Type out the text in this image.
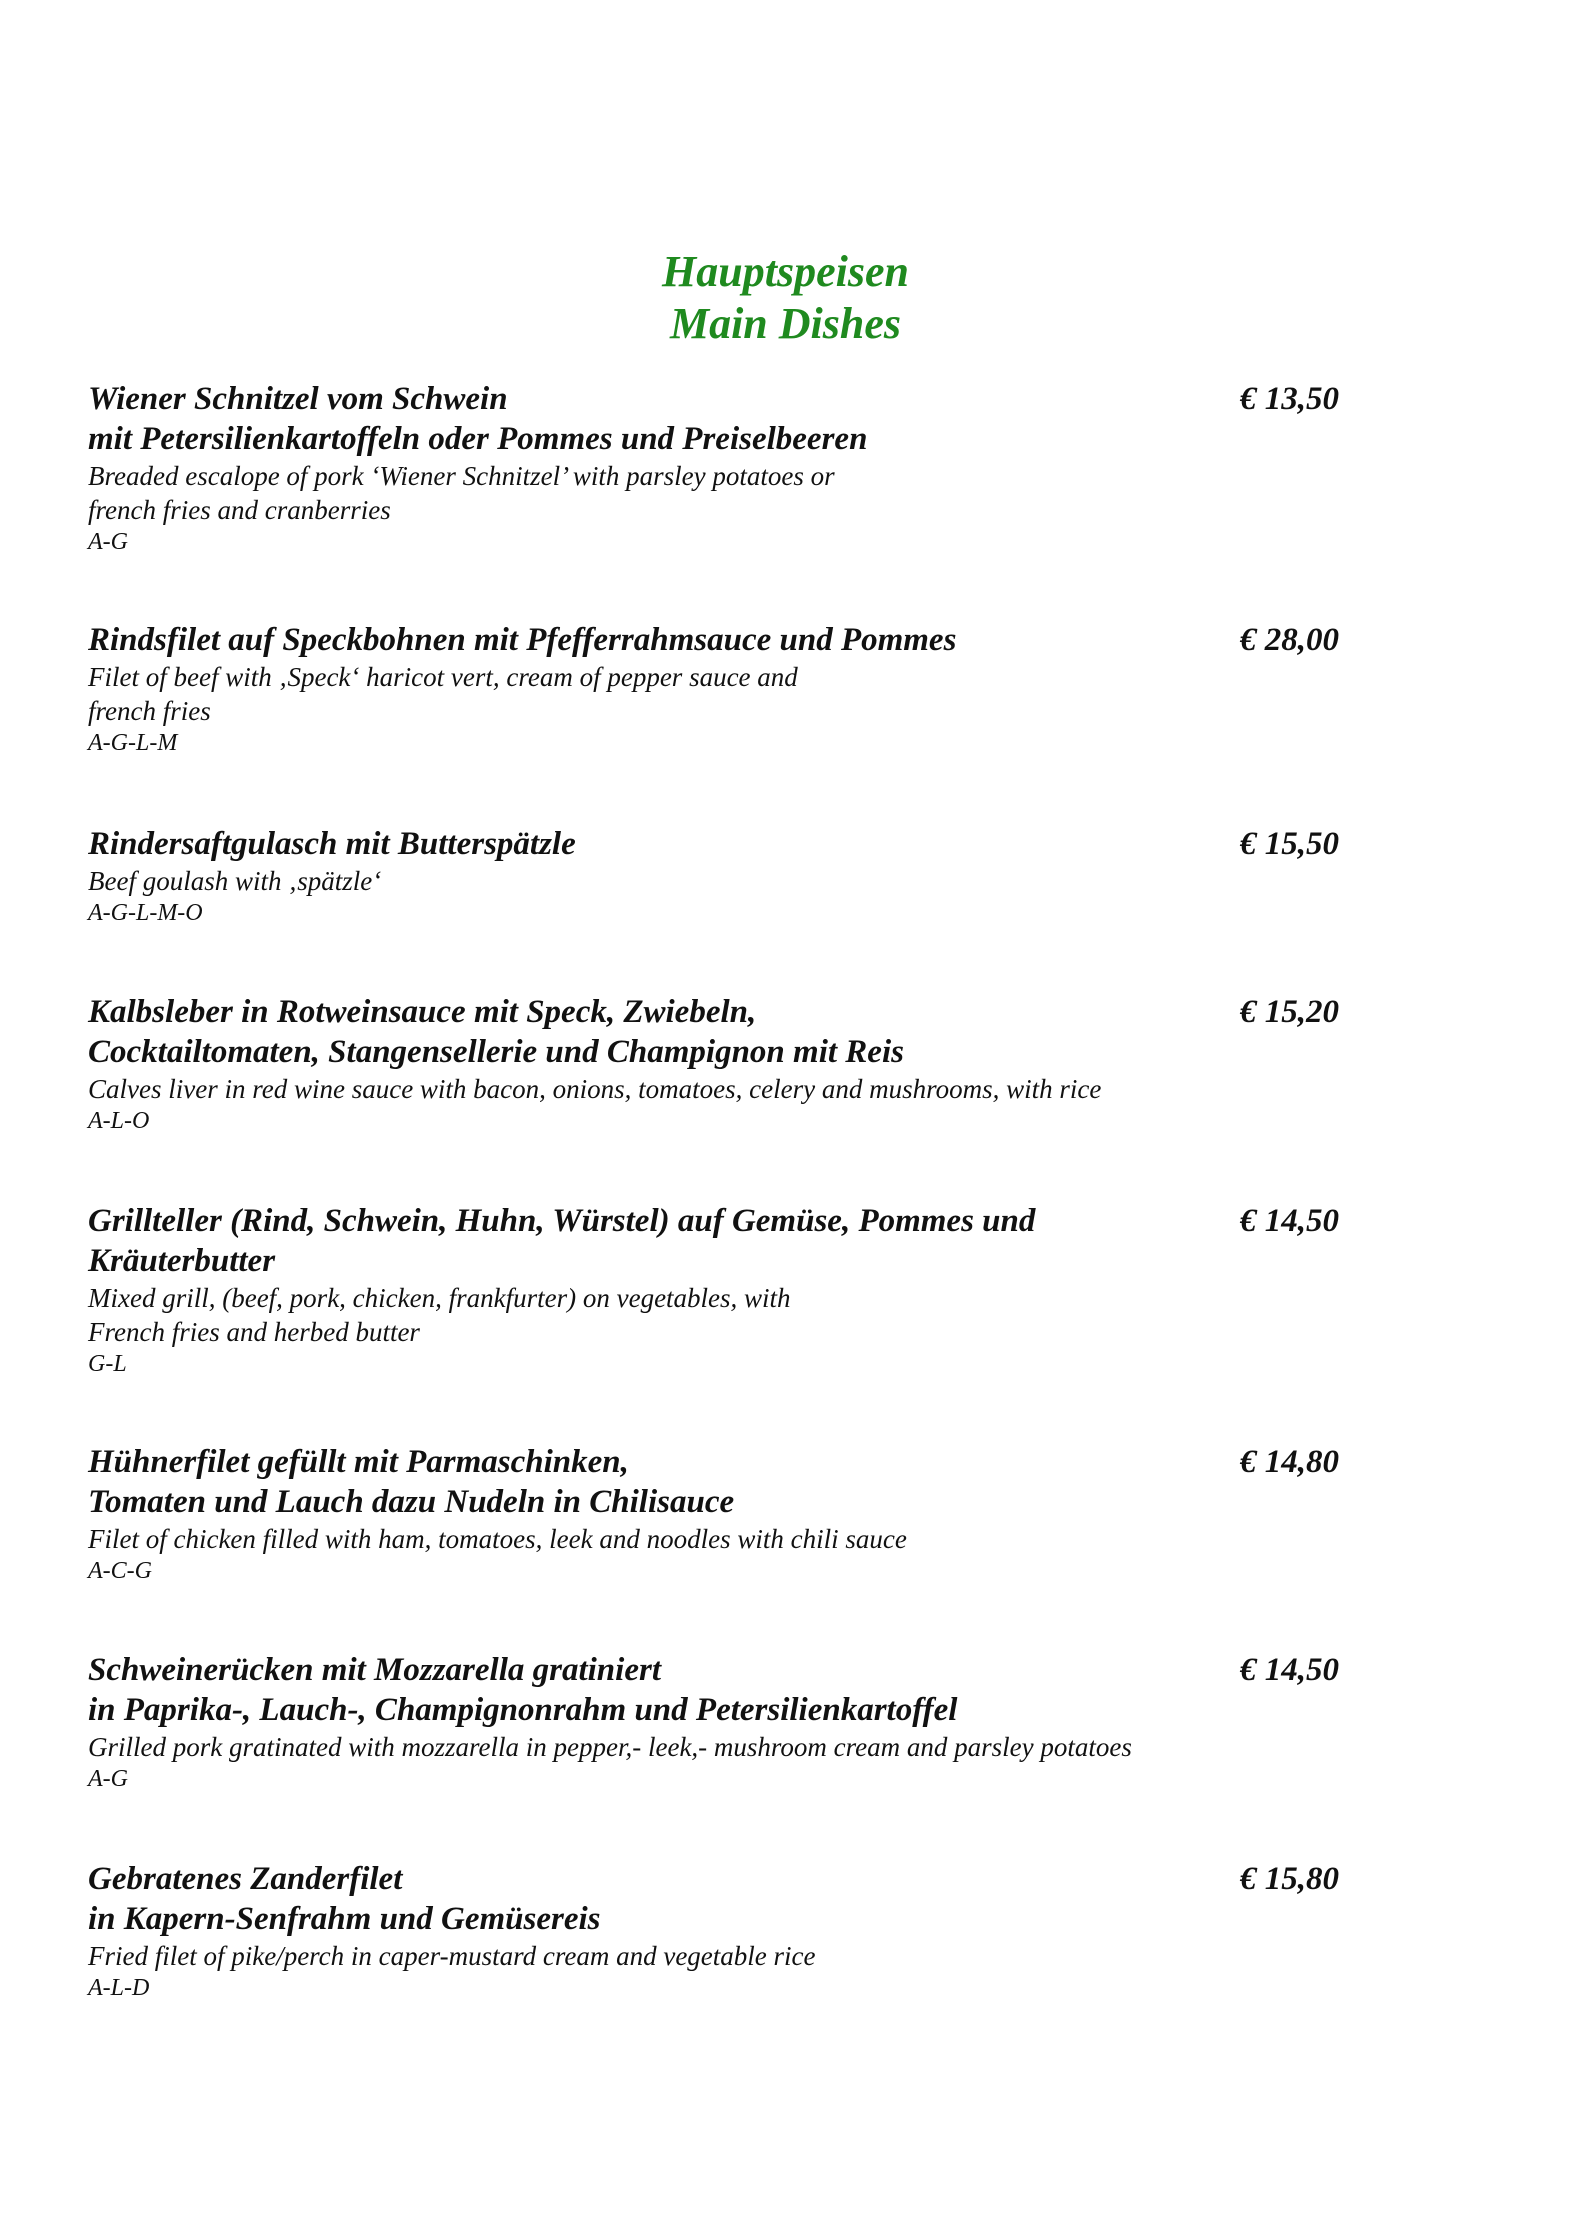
Hauptspeisen
Main Dishes
Wiener Schnitzel vom Schwein
mit Petersilienkartoffeln oder Pommes und Preiselbeeren
€ 13,50
Breaded escalope of pork ‘Wiener Schnitzel’ with parsley potatoes or
french fries and cranberries
A-G
Rindsfilet auf Speckbohnen mit Pfefferrahmsauce und Pommes	€ 28,00
Filet of beef with ‚Speck‘ haricot vert, cream of pepper sauce and
french fries
A-G-L-M
Rindersaftgulasch mit Butterspätzle	€ 15,50
Beef goulash with ‚spätzle‘
A-G-L-M-O
Kalbsleber in Rotweinsauce mit Speck, Zwiebeln,
Cocktailtomaten, Stangensellerie und Champignon mit Reis
€ 15,20
Calves liver in red wine sauce with bacon, onions, tomatoes, celery and mushrooms, with rice
A-L-O
Grillteller (Rind, Schwein, Huhn, Würstel) auf Gemüse, Pommes und
Kräuterbutter
€ 14,50
Mixed grill, (beef, pork, chicken, frankfurter) on vegetables, with
French fries and herbed butter
G-L
Hühnerfilet gefüllt mit Parmaschinken,
Tomaten und Lauch dazu Nudeln in Chilisauce
€ 14,80
Filet of chicken filled with ham, tomatoes, leek and noodles with chili sauce
A-C-G
Schweinerücken mit Mozzarella gratiniert
in Paprika-, Lauch-, Champignonrahm und Petersilienkartoffel
€ 14,50
Grilled pork gratinated with mozzarella in pepper,- leek,- mushroom cream and parsley potatoes
A-G
Gebratenes Zanderfilet
in Kapern-Senfrahm und Gemüsereis
€ 15,80
Fried filet of pike/perch in caper-mustard cream and vegetable rice
A-L-D
